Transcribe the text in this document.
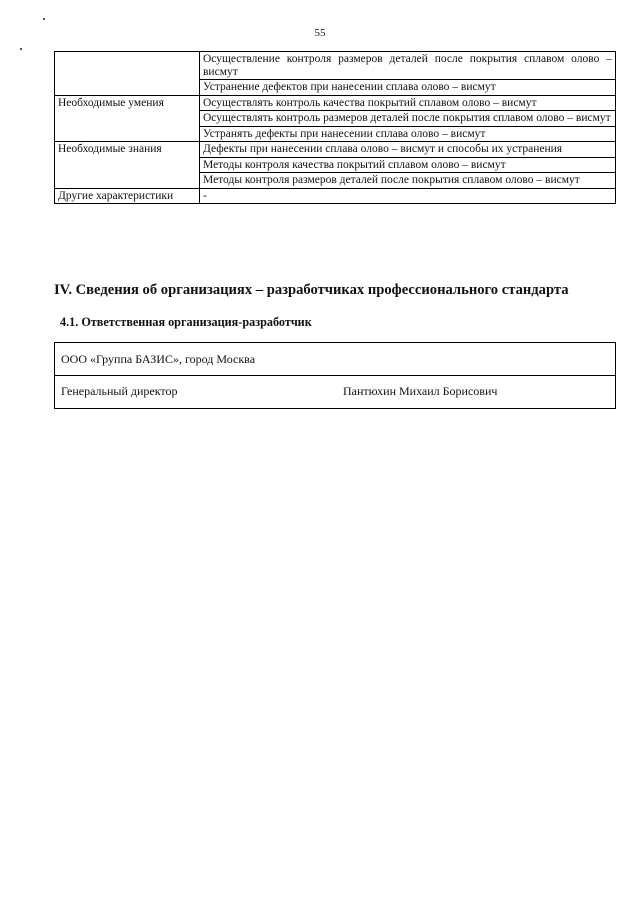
55
	Осуществление контроля размеров деталей после покрытия сплавом олово – висмут
	Устранение дефектов при нанесении сплава олово – висмут
Необходимые умения	Осуществлять контроль качества покрытий сплавом олово – висмут
	Осуществлять контроль размеров деталей после покрытия сплавом олово – висмут
	Устранять дефекты при нанесении сплава олово – висмут
Необходимые знания	Дефекты при нанесении сплава олово – висмут и способы их устранения
	Методы контроля качества покрытий сплавом олово – висмут
	Методы контроля размеров деталей после покрытия сплавом олово – висмут
Другие характеристики	-
IV. Сведения об организациях – разработчиках профессионального стандарта
4.1. Ответственная организация-разработчик
ООО «Группа БАЗИС», город Москва
Генеральный директор	Пантюхин Михаил Борисович
